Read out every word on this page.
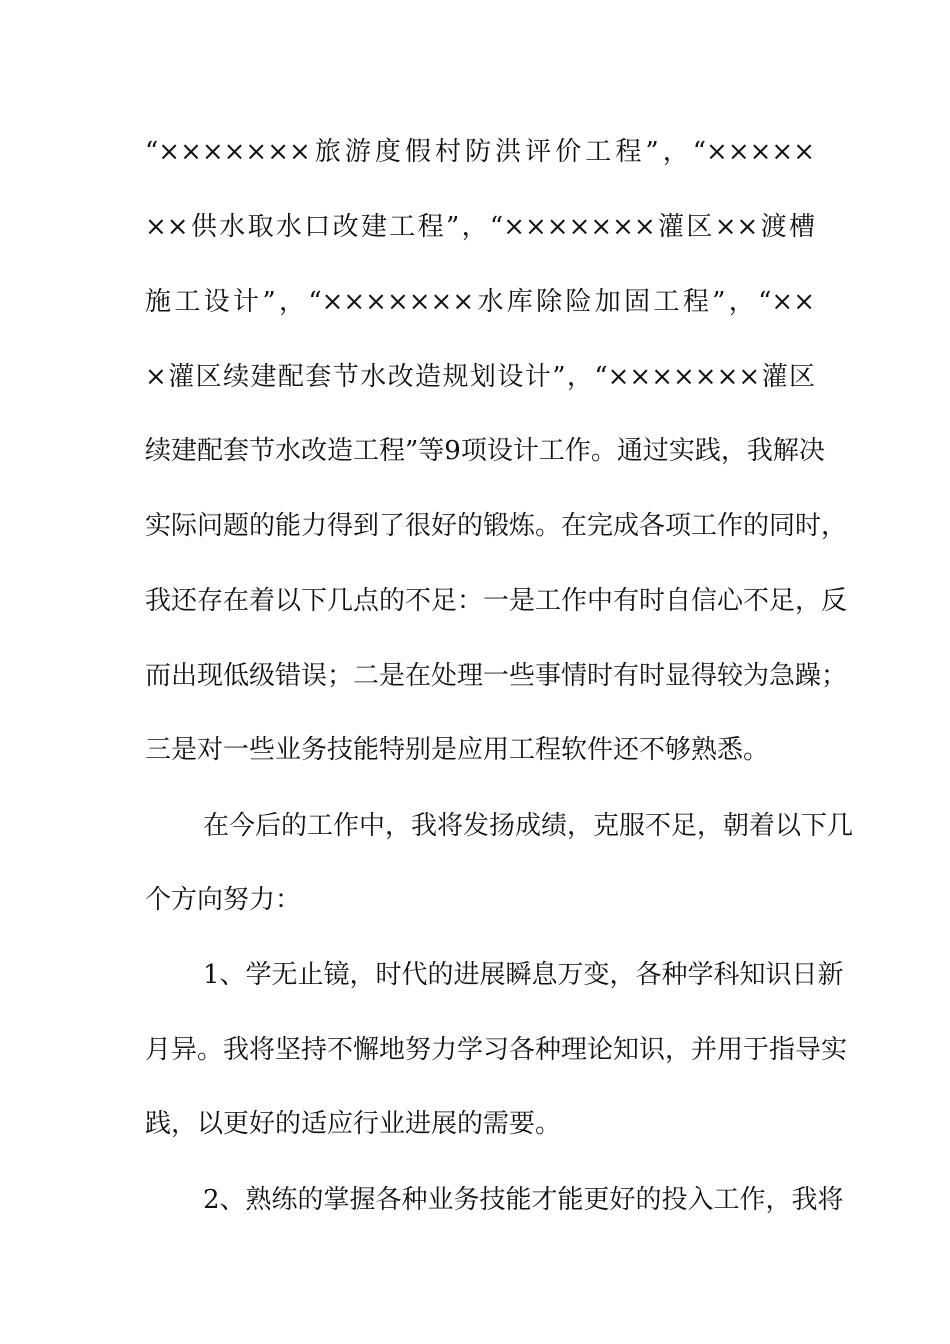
“×××××××旅游度假村防洪评价工程”，“×××××
××供水取水口改建工程”，“×××××××灌区××渡槽
施工设计”，“×××××××水库除险加固工程”，“××
×灌区续建配套节水改造规划设计”，“×××××××灌区
续建配套节水改造工程”等9项设计工作。通过实践，我解决
实际问题的能力得到了很好的锻炼。在完成各项工作的同时，
我还存在着以下几点的不足：一是工作中有时自信心不足，反
而出现低级错误；二是在处理一些事情时有时显得较为急躁；
三是对一些业务技能特别是应用工程软件还不够熟悉。
在今后的工作中，我将发扬成绩，克服不足，朝着以下几
个方向努力：
1、学无止镜，时代的进展瞬息万变，各种学科知识日新
月异。我将坚持不懈地努力学习各种理论知识，并用于指导实
践，以更好的适应行业进展的需要。
2、熟练的掌握各种业务技能才能更好的投入工作，我将
